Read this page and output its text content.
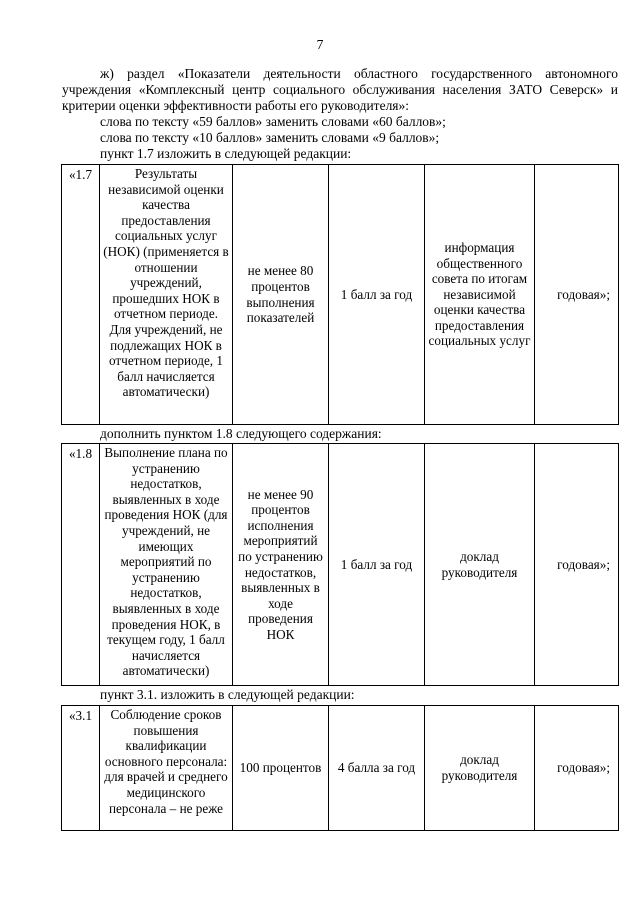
7
ж) раздел «Показатели деятельности областного государственного автономного
учреждения «Комплексный центр социального обслуживания населения ЗАТО Северск» и
критерии оценки эффективности работы его руководителя»:
слова по тексту «59 баллов» заменить словами «60 баллов»;
слова по тексту «10 баллов» заменить словами «9 баллов»;
пункт 1.7 изложить в следующей редакции:
«1.7	Результаты независимой оценки качества предоставления социальных услуг (НОК) (применяется в отношении учреждений, прошедших НОК в отчетном периоде. Для учреждений, не подлежащих НОК в отчетном периоде, 1 балл начисляется автоматически)	не менее 80 процентов выполнения показателей	1 балл за год	информация общественного совета по итогам независимой оценки качества предоставления социальных услуг	годовая»;
дополнить пунктом 1.8 следующего содержания:
«1.8	Выполнение плана по устранению недостатков, выявленных в ходе проведения НОК (для учреждений, не имеющих мероприятий по устранению недостатков, выявленных в ходе проведения НОК, в текущем году, 1 балл начисляется автоматически)	не менее 90 процентов исполнения мероприятий по устранению недостатков, выявленных в ходе проведения НОК	1 балл за год	доклад руководителя	годовая»;
пункт 3.1. изложить в следующей редакции:
«3.1	Соблюдение сроков повышения квалификации основного персонала: для врачей и среднего медицинского персонала – не реже	100 процентов	4 балла за год	доклад руководителя	годовая»;
